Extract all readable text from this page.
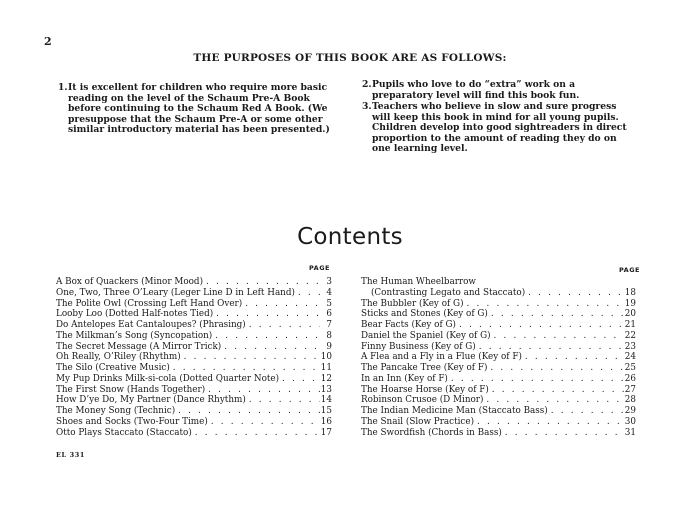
2
THE PURPOSES OF THIS BOOK ARE AS FOLLOWS:
1. It is excellent for children who require more basic reading on the level of the Schaum Pre-A Book before continuing to the Schaum Red A Book. (We presuppose that the Schaum Pre-A or some other similar introductory material has been presented.)
2. Pupils who love to do “extra” work on a preparatory level will find this book fun.
3. Teachers who believe in slow and sure progress will keep this book in mind for all young pupils. Children develop into good sightreaders in direct proportion to the amount of reading they do on one learning level.
Contents
PAGE	PAGE
A Box of Quackers (Minor Mood) . . .	3
One, Two, Three O’Leary (Leger Line D in Left Hand) . . .	4
The Polite Owl (Crossing Left Hand Over) . . .	5
Looby Loo (Dotted Half-notes Tied) . . .	6
Do Antelopes Eat Cantaloupes? (Phrasing) . . .	7
The Milkman’s Song (Syncopation) . . .	8
The Secret Message (A Mirror Trick) . . .	9
Oh Really, O’Riley (Rhythm) . . .	10
The Silo (Creative Music) . . .	11
My Pup Drinks Milk-si-cola (Dotted Quarter Note) . . .	12
The First Snow (Hands Together) . . .	13
How D’ye Do, My Partner (Dance Rhythm) . . .	14
The Money Song (Technic) . . .	15
Shoes and Socks (Two-Four Time) . . .	16
Otto Plays Staccato (Staccato) . . .	17
The Human Wheelbarrow
(Contrasting Legato and Staccato) . . .	18
The Bubbler (Key of G) . . .	19
Sticks and Stones (Key of G) . . .	20
Bear Facts (Key of G) . . .	21
Daniel the Spaniel (Key of G) . . .	22
Finny Business (Key of G) . . .	23
A Flea and a Fly in a Flue (Key of F) . . .	24
The Pancake Tree (Key of F) . . .	25
In an Inn (Key of F) . . .	26
The Hoarse Horse (Key of F) . . .	27
Robinson Crusoe (D Minor) . . .	28
The Indian Medicine Man (Staccato Bass) . . .	29
The Snail (Slow Practice) . . .	30
The Swordfish (Chords in Bass) . . .	31
EL 331
